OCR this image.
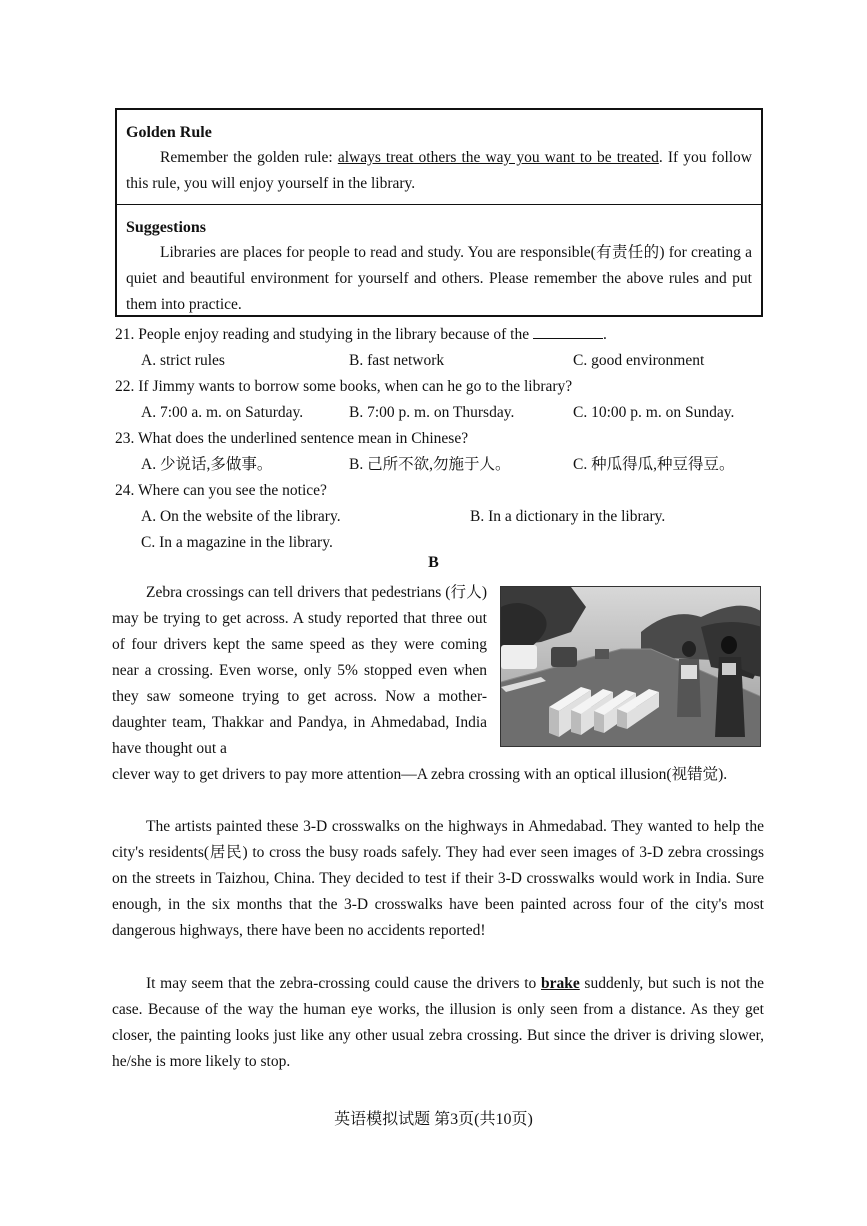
Golden Rule
Remember the golden rule: always treat others the way you want to be treated. If you follow this rule, you will enjoy yourself in the library.
Suggestions
Libraries are places for people to read and study. You are responsible(有责任的) for creating a quiet and beautiful environment for yourself and others. Please remember the above rules and put them into practice.
21. People enjoy reading and studying in the library because of the	.
A. strict rules	B. fast network	C. good environment
22. If Jimmy wants to borrow some books, when can he go to the library?
A. 7:00 a. m. on Saturday.	B. 7:00 p. m. on Thursday.	C. 10:00 p. m. on Sunday.
23. What does the underlined sentence mean in Chinese?
A. 少说话,多做事。	B. 己所不欲,勿施于人。	C. 种瓜得瓜,种豆得豆。
24. Where can you see the notice?
A. On the website of the library.	B. In a dictionary in the library.
C. In a magazine in the library.
B
Zebra crossings can tell drivers that pedestrians (行人) may be trying to get across. A study reported that three out of four drivers kept the same speed as they were coming near a crossing. Even worse, only 5% stopped even when they saw someone trying to get across. Now a mother-daughter team, Thakkar and Pandya, in Ahmedabad, India have thought out a
clever way to get drivers to pay more attention—A zebra crossing with an optical illusion(视错觉).
The artists painted these 3-D crosswalks on the highways in Ahmedabad. They wanted to help the city's residents(居民) to cross the busy roads safely. They had ever seen images of 3-D zebra crossings on the streets in Taizhou, China. They decided to test if their 3-D crosswalks would work in India. Sure enough, in the six months that the 3-D crosswalks have been painted across four of the city's most dangerous highways, there have been no accidents reported!
It may seem that the zebra-crossing could cause the drivers to brake suddenly, but such is not the case. Because of the way the human eye works, the illusion is only seen from a distance. As they get closer, the painting looks just like any other usual zebra crossing. But since the driver is driving slower, he/she is more likely to stop.
英语模拟试题 第3页(共10页)
